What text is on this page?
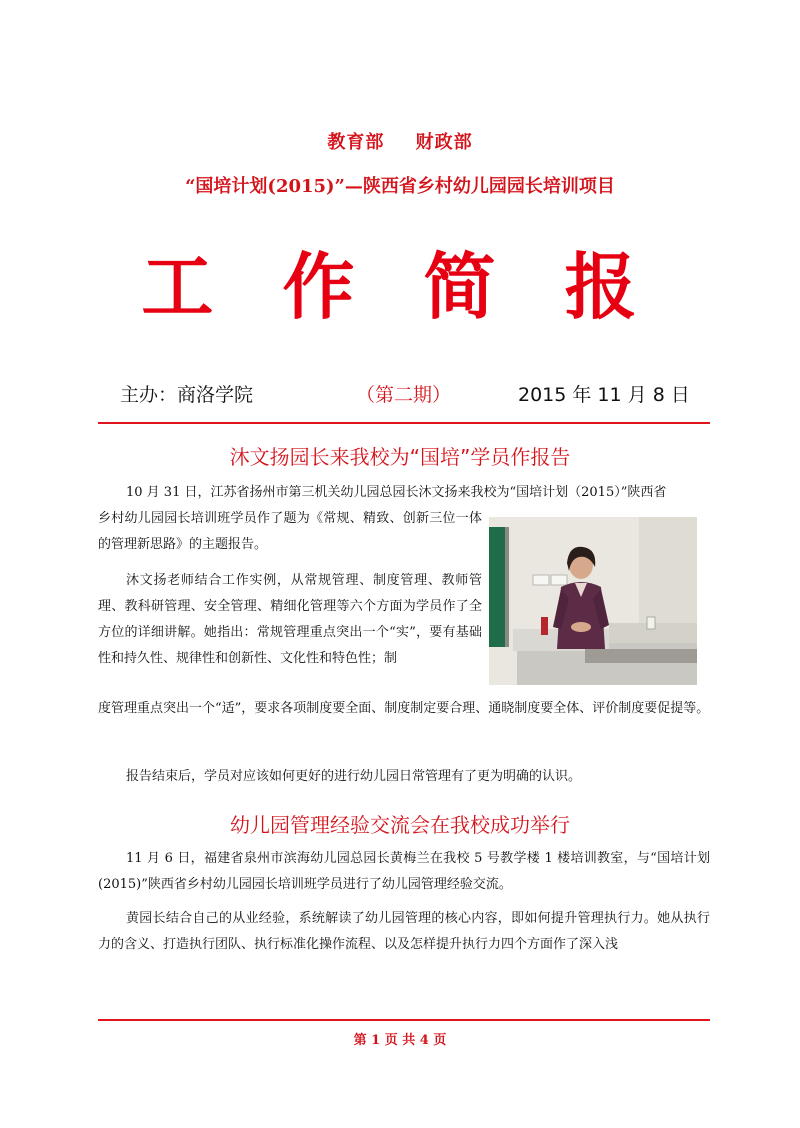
教育部 财政部
“国培计划(2015)”—陕西省乡村幼儿园园长培训项目
工 作 简 报
主办：商洛学院	（第二期）	2015 年 11 月 8 日
沐文扬园长来我校为“国培”学员作报告

10 月 31 日，江苏省扬州市第三机关幼儿园总园长沐文扬来我校为“国培计划（2015）”陕西省
乡村幼儿园园长培训班学员作了题为《常规、精致、创新三位一体的管理新思路》的主题报告。

沐文扬老师结合工作实例，从常规管理、制度管理、教师管理、教科研管理、安全管理、精细化管理等六个方面为学员作了全方位的详细讲解。她指出：常规管理重点突出一个“实”，要有基础性和持久性、规律性和创新性、文化性和特色性；制

度管理重点突出一个“适”，要求各项制度要全面、制度制定要合理、通晓制度要全体、评价制度要促提等。

报告结束后，学员对应该如何更好的进行幼儿园日常管理有了更为明确的认识。

幼儿园管理经验交流会在我校成功举行

11 月 6 日，福建省泉州市滨海幼儿园总园长黄梅兰在我校 5 号教学楼 1 楼培训教室，与“国培计划(2015)”陕西省乡村幼儿园园长培训班学员进行了幼儿园管理经验交流。

黄园长结合自己的从业经验，系统解读了幼儿园管理的核心内容，即如何提升管理执行力。她从执行力的含义、打造执行团队、执行标准化操作流程、以及怎样提升执行力四个方面作了深入浅

第 1 页 共 4 页
